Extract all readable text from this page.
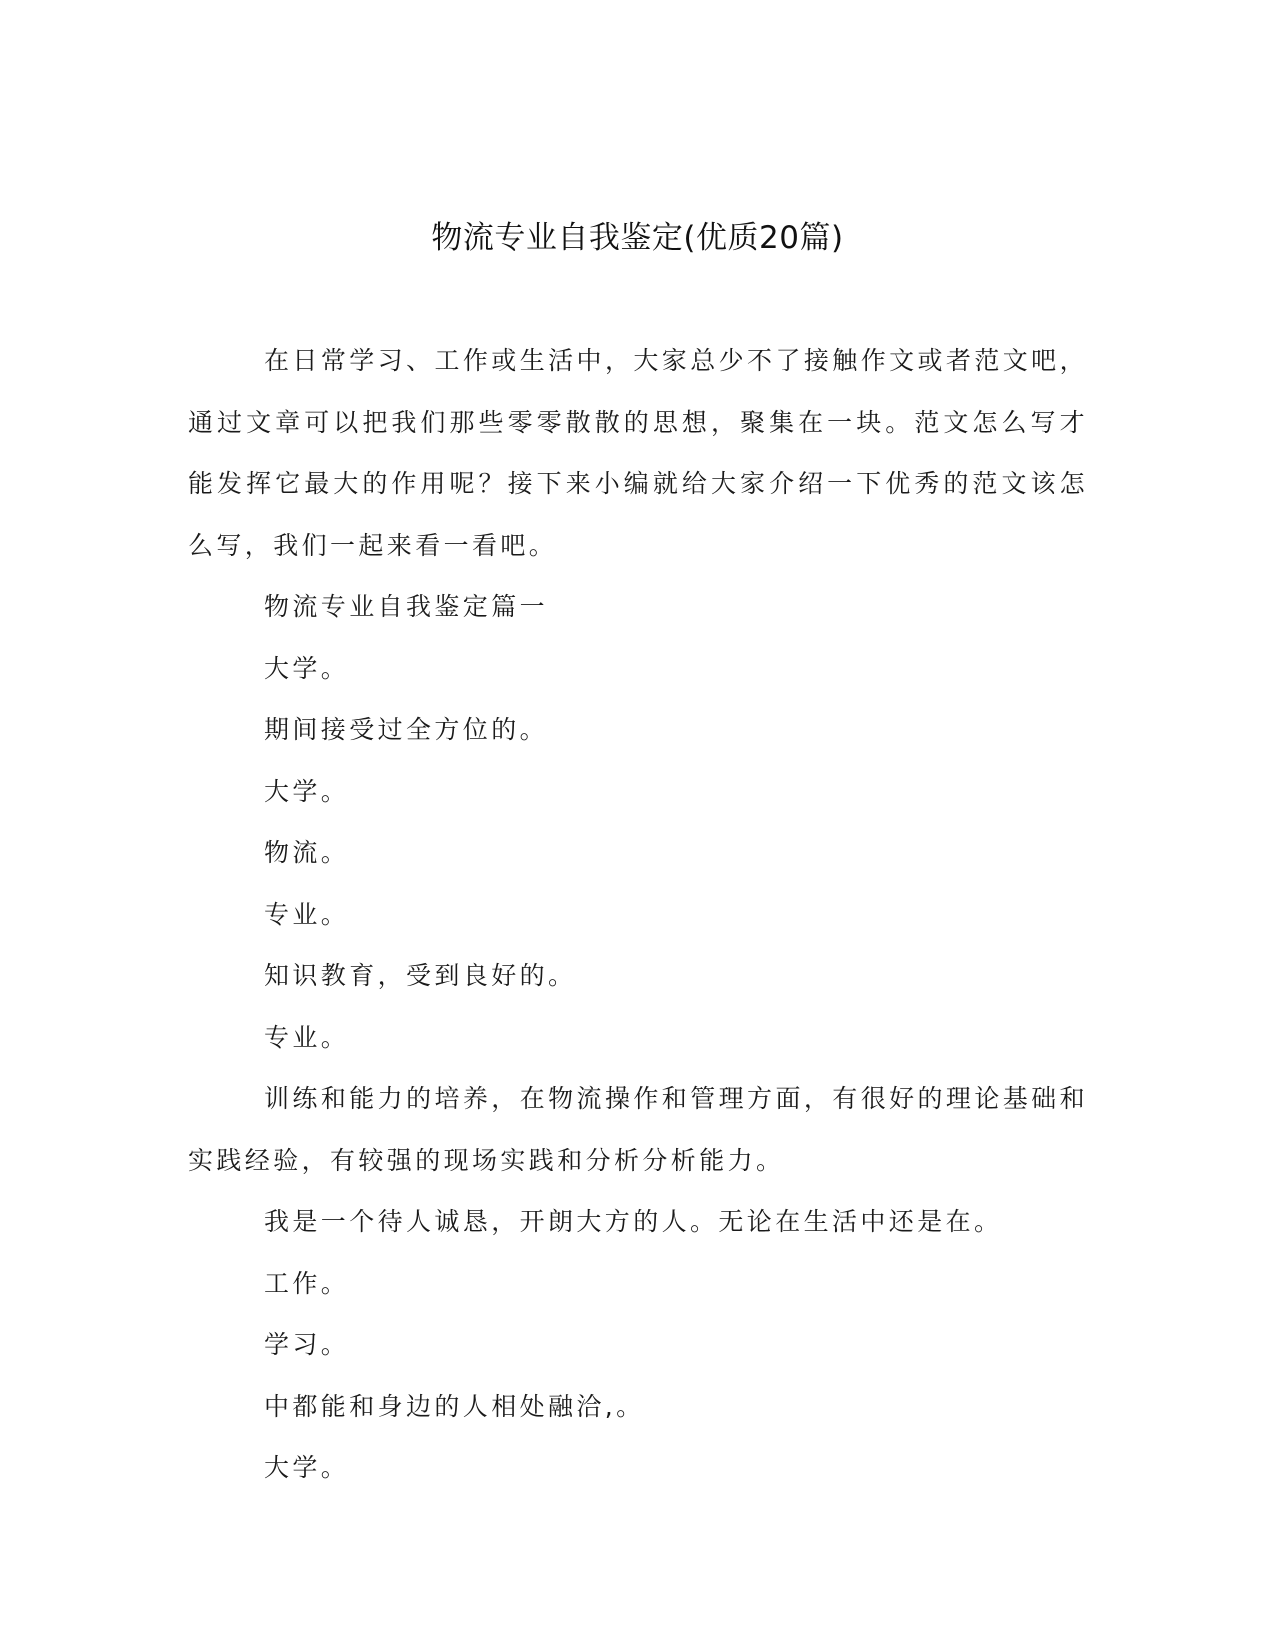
物流专业自我鉴定(优质20篇)

在日常学习、工作或生活中，大家总少不了接触作文或者范文吧，通过文章可以把我们那些零零散散的思想，聚集在一块。范文怎么写才能发挥它最大的作用呢？接下来小编就给大家介绍一下优秀的范文该怎么写，我们一起来看一看吧。

物流专业自我鉴定篇一

大学。

期间接受过全方位的。

大学。

物流。

专业。

知识教育，受到良好的。

专业。

训练和能力的培养，在物流操作和管理方面，有很好的理论基础和实践经验，有较强的现场实践和分析分析能力。

我是一个待人诚恳，开朗大方的人。无论在生活中还是在。

工作。

学习。

中都能和身边的人相处融洽,。

大学。
